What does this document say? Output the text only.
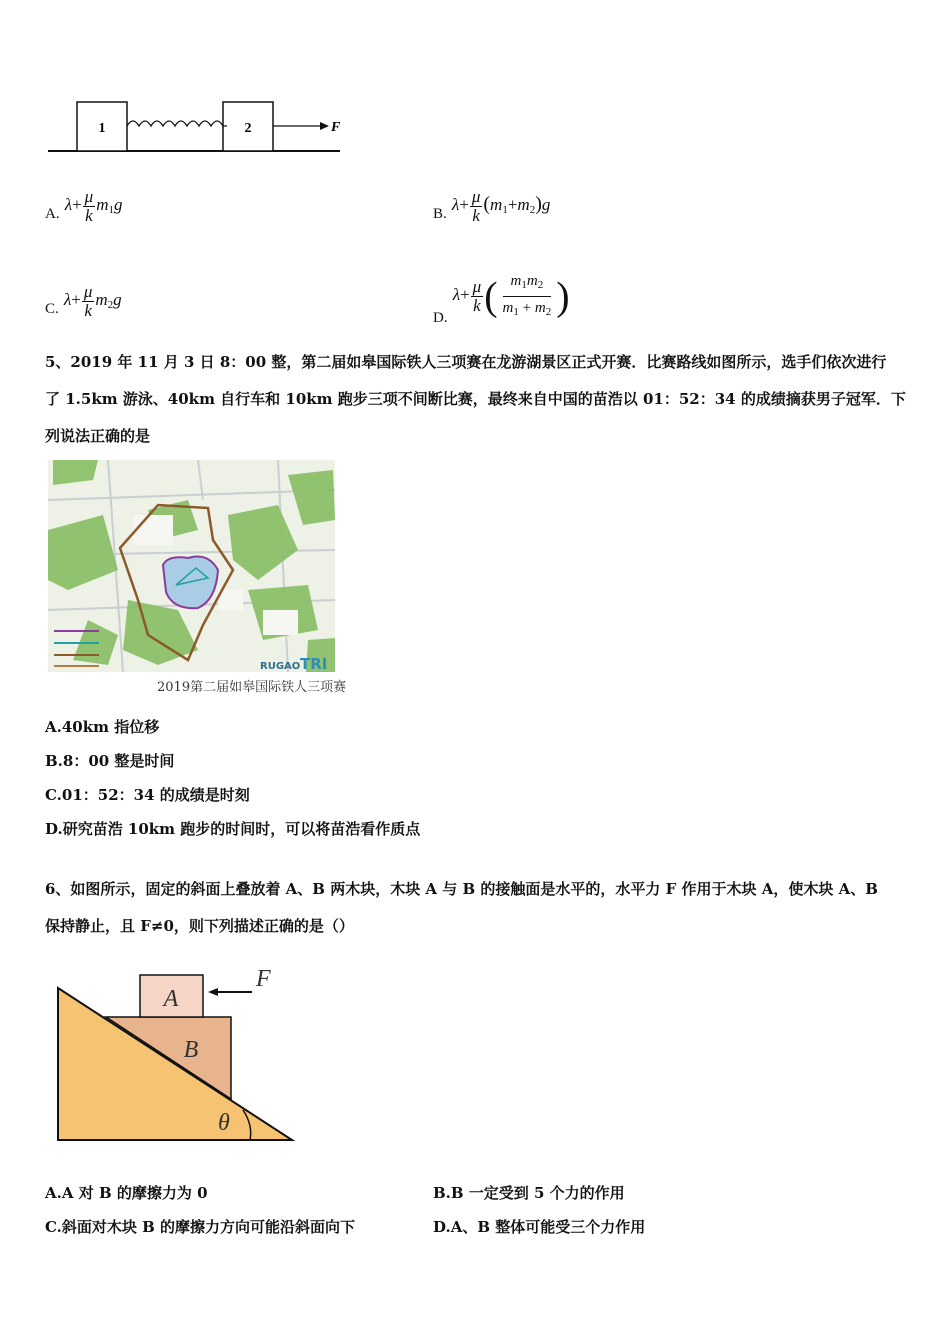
1	2	F
A. $\lambda+ \frac{\mu}{k} m_1g$	B. $\lambda+ \frac{\mu}{k} (m_1+m_2)g$
C. $\lambda+ \frac{\mu}{k} m_2g$
D. $\lambda+ \frac{\mu}{k}$ ( $\frac{m_1m_2}{m_1 + m_2}$ )
5、2019 年 11 月 3 日 8：00 整，第二届如皋国际铁人三项赛在龙游湖景区正式开赛．比赛路线如图所示，选手们依次进行
了 1.5km 游泳、40km 自行车和 10km 跑步三项不间断比赛，最终来自中国的苗浩以 01：52：34 的成绩摘获男子冠军．下
列说法正确的是
RUGAO TRI
2019第二届如皋国际铁人三项赛
A.40km 指位移
B.8：00 整是时间
C.01：52：34 的成绩是时刻
D.研究苗浩 10km 跑步的时间时，可以将苗浩看作质点
6、如图所示，固定的斜面上叠放着 A、B 两木块，木块 A 与 B 的接触面是水平的，水平力 F 作用于木块 A，使木块 A、B
保持静止，且 F≠0，则下列描述正确的是（）
A
B
F
θ
A.A 对 B 的摩擦力为 0	B.B 一定受到 5 个力的作用
C.斜面对木块 B 的摩擦力方向可能沿斜面向下	D.A、B 整体可能受三个力作用
